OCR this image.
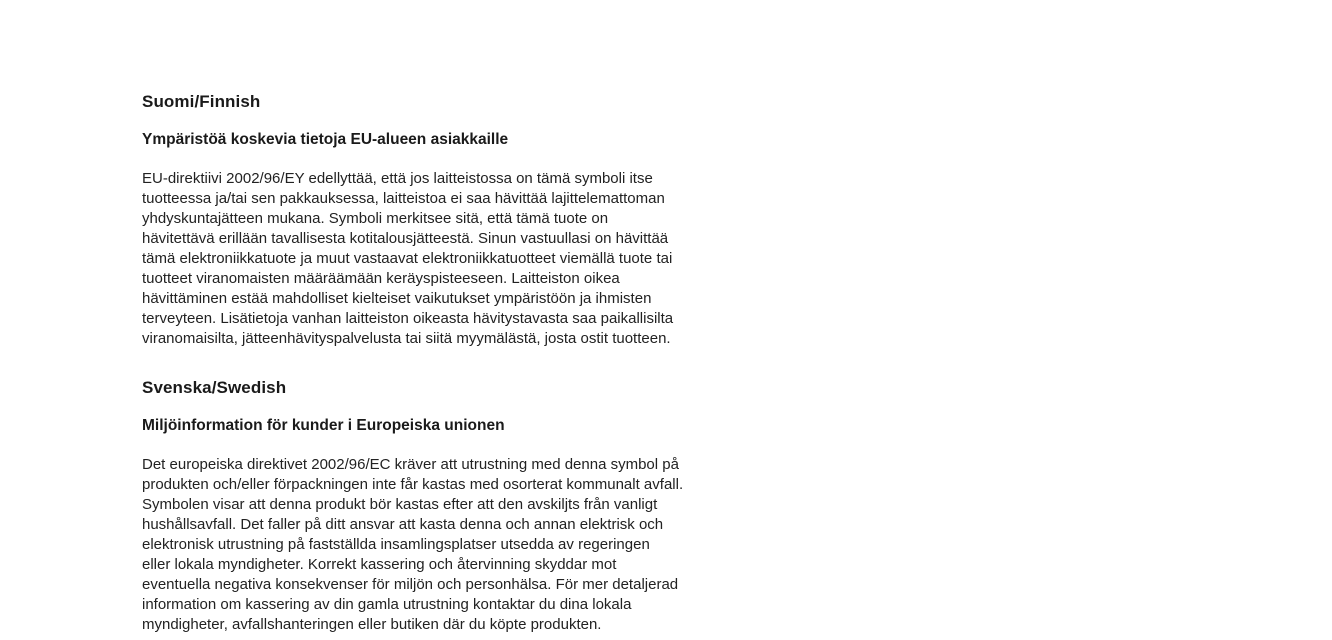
Suomi/Finnish
Ympäristöä koskevia tietoja EU-alueen asiakkaille

EU-direktiivi 2002/96/EY edellyttää, että jos laitteistossa on tämä symboli itse
tuotteessa ja/tai sen pakkauksessa, laitteistoa ei saa hävittää lajittelemattoman
yhdyskuntajätteen mukana. Symboli merkitsee sitä, että tämä tuote on
hävitettävä erillään tavallisesta kotitalousjätteestä. Sinun vastuullasi on hävittää
tämä elektroniikkatuote ja muut vastaavat elektroniikkatuotteet viemällä tuote tai
tuotteet viranomaisten määräämään keräyspisteeseen. Laitteiston oikea
hävittäminen estää mahdolliset kielteiset vaikutukset ympäristöön ja ihmisten
terveyteen. Lisätietoja vanhan laitteiston oikeasta hävitystavasta saa paikallisilta
viranomaisilta, jätteenhävityspalvelusta tai siitä myymälästä, josta ostit tuotteen.

Svenska/Swedish
Miljöinformation för kunder i Europeiska unionen

Det europeiska direktivet 2002/96/EC kräver att utrustning med denna symbol på
produkten och/eller förpackningen inte får kastas med osorterat kommunalt avfall.
Symbolen visar att denna produkt bör kastas efter att den avskiljts från vanligt
hushållsavfall. Det faller på ditt ansvar att kasta denna och annan elektrisk och
elektronisk utrustning på fastställda insamlingsplatser utsedda av regeringen
eller lokala myndigheter. Korrekt kassering och återvinning skyddar mot
eventuella negativa konsekvenser för miljön och personhälsa. För mer detaljerad
information om kassering av din gamla utrustning kontaktar du dina lokala
myndigheter, avfallshanteringen eller butiken där du köpte produkten.
